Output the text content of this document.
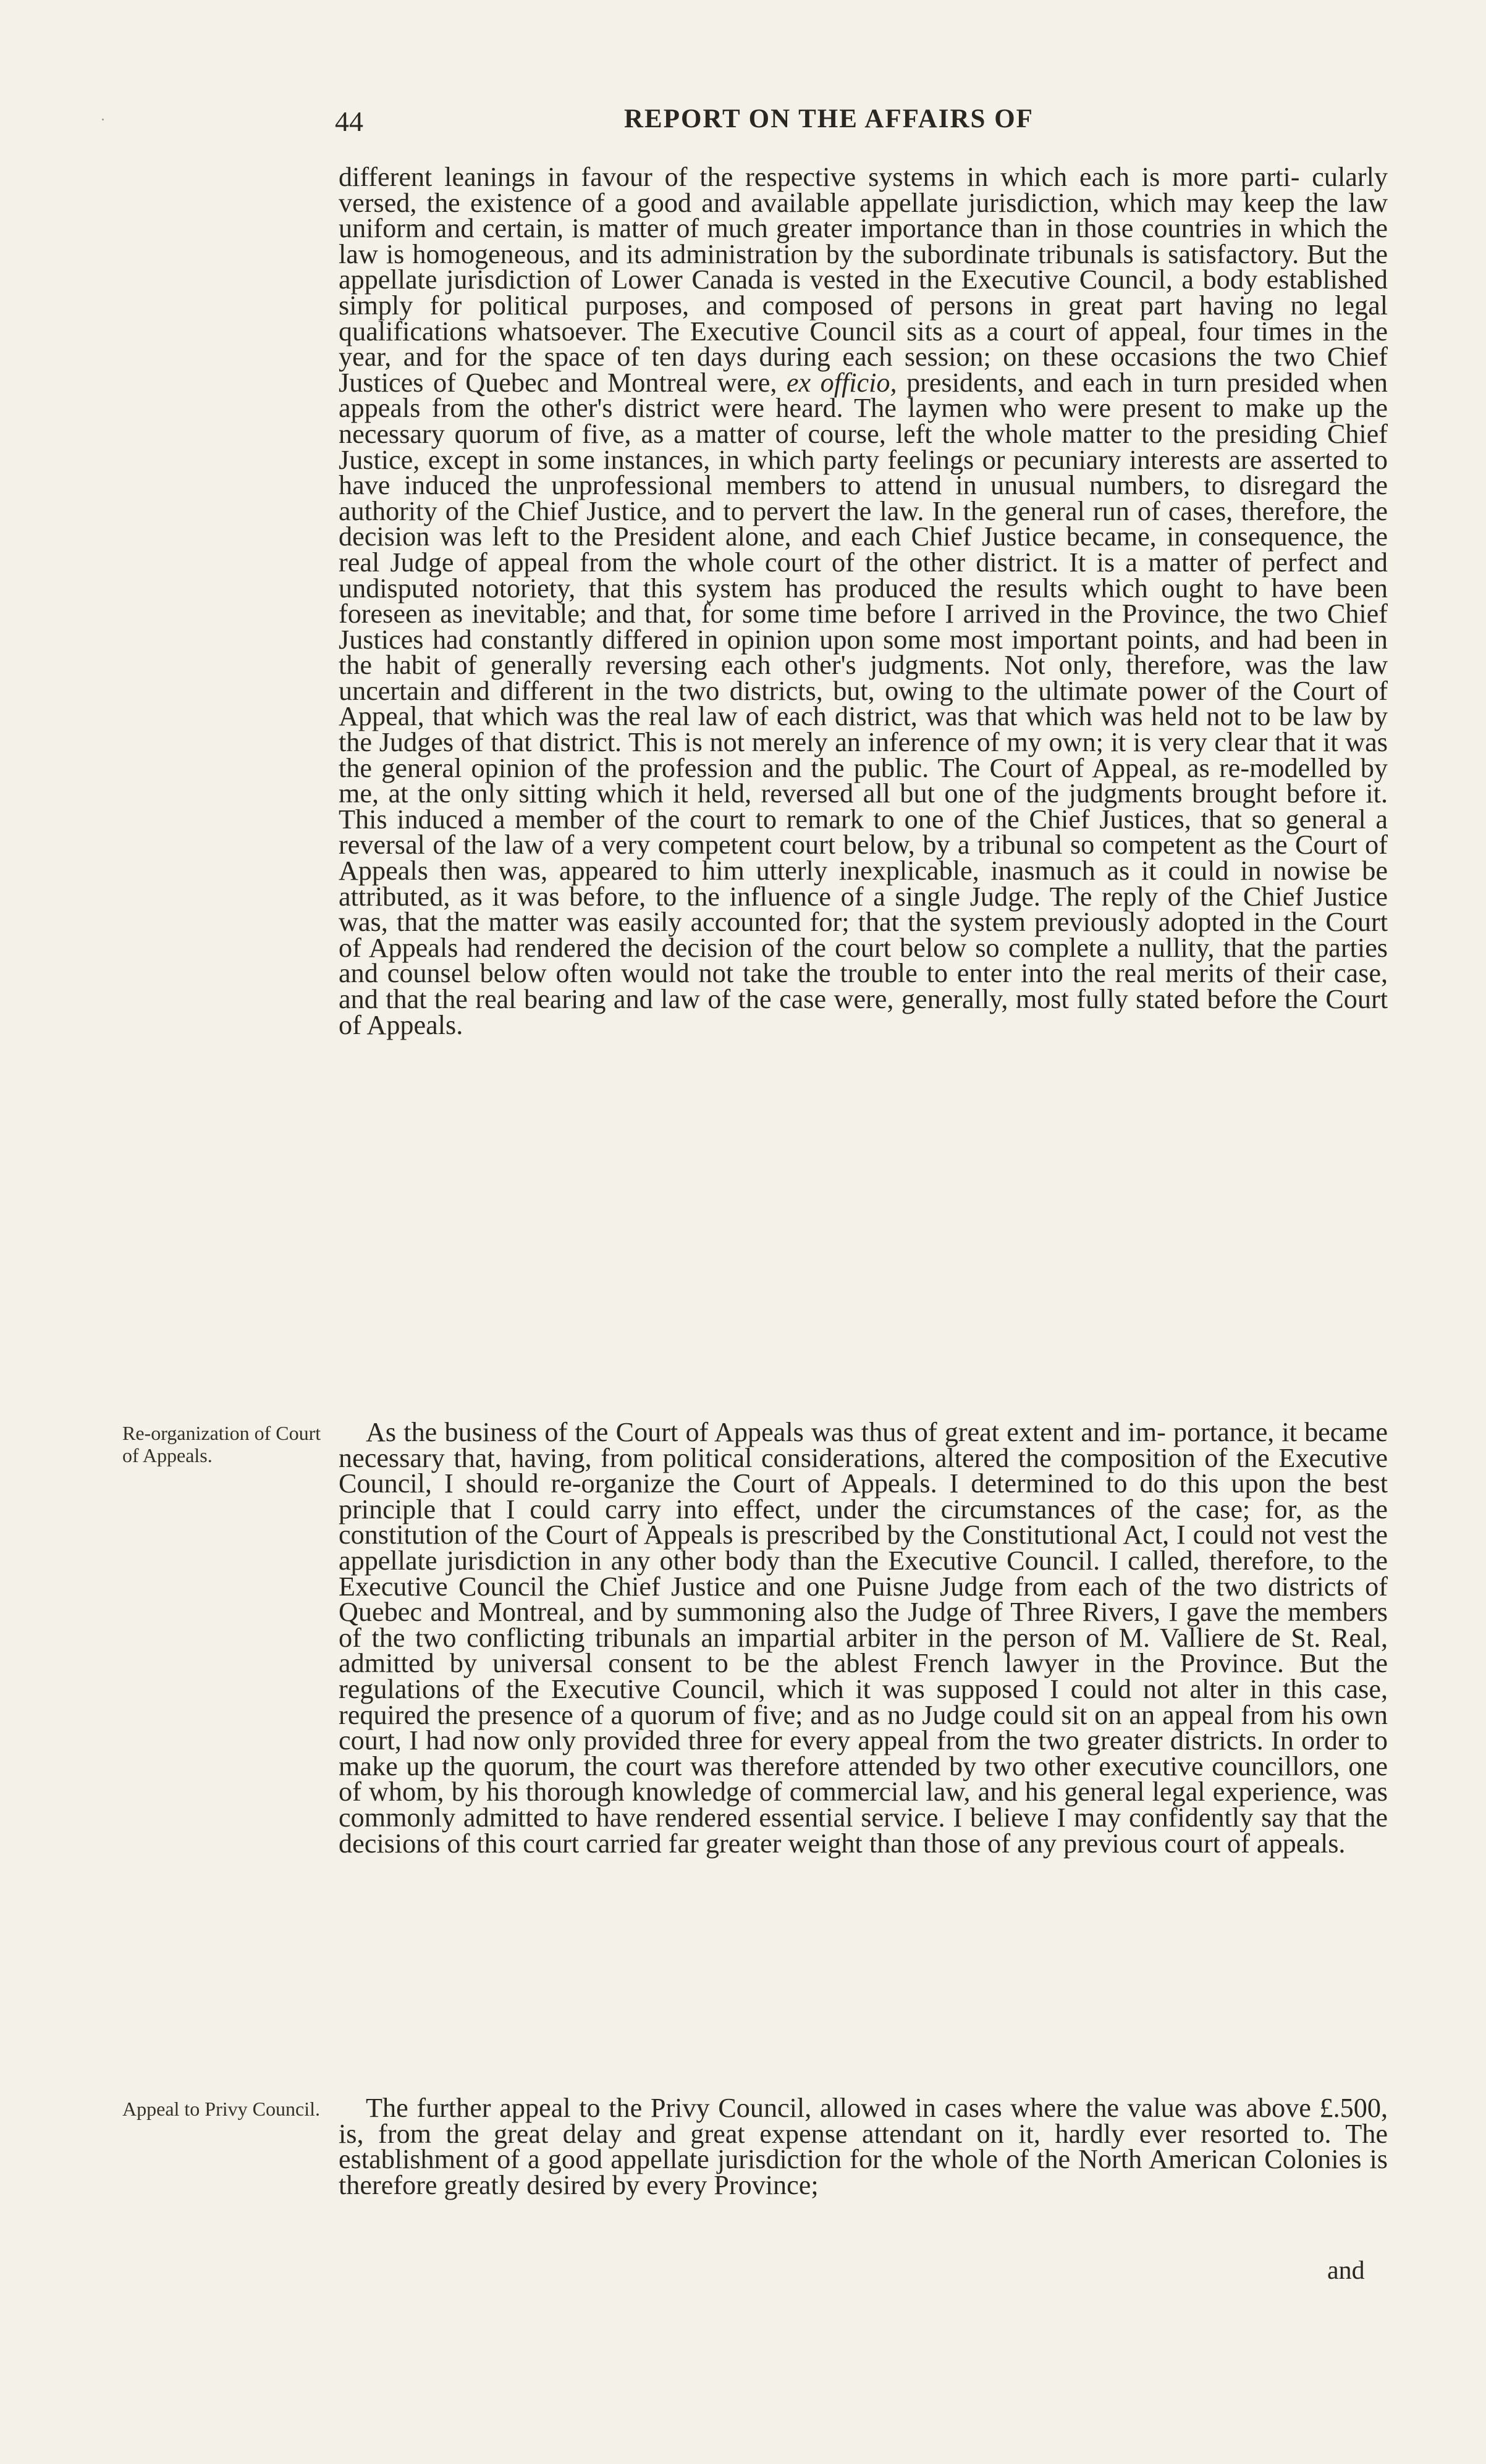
44	REPORT ON THE AFFAIRS OF

different leanings in favour of the respective systems in which each is more parti- cularly versed, the existence of a good and available appellate jurisdiction, which may keep the law uniform and certain, is matter of much greater importance than in those countries in which the law is homogeneous, and its administration by the subordinate tribunals is satisfactory. But the appellate jurisdiction of Lower Canada is vested in the Executive Council, a body established simply for political purposes, and composed of persons in great part having no legal qualifications whatsoever. The Executive Council sits as a court of appeal, four times in the year, and for the space of ten days during each session; on these occasions the two Chief Justices of Quebec and Montreal were, ex officio, presidents, and each in turn presided when appeals from the other's district were heard. The laymen who were present to make up the necessary quorum of five, as a matter of course, left the whole matter to the presiding Chief Justice, except in some instances, in which party feelings or pecuniary interests are asserted to have induced the unprofessional members to attend in unusual numbers, to disregard the authority of the Chief Justice, and to pervert the law. In the general run of cases, therefore, the decision was left to the President alone, and each Chief Justice became, in consequence, the real Judge of appeal from the whole court of the other district. It is a matter of perfect and undisputed notoriety, that this system has produced the results which ought to have been foreseen as inevitable; and that, for some time before I arrived in the Province, the two Chief Justices had constantly differed in opinion upon some most important points, and had been in the habit of generally reversing each other's judgments. Not only, therefore, was the law uncertain and different in the two districts, but, owing to the ultimate power of the Court of Appeal, that which was the real law of each district, was that which was held not to be law by the Judges of that district. This is not merely an inference of my own; it is very clear that it was the general opinion of the profession and the public. The Court of Appeal, as re-modelled by me, at the only sitting which it held, reversed all but one of the judgments brought before it. This induced a member of the court to remark to one of the Chief Justices, that so general a reversal of the law of a very competent court below, by a tribunal so competent as the Court of Appeals then was, appeared to him utterly inexplicable, inasmuch as it could in nowise be attributed, as it was before, to the influence of a single Judge. The reply of the Chief Justice was, that the matter was easily accounted for; that the system previously adopted in the Court of Appeals had rendered the decision of the court below so complete a nullity, that the parties and counsel below often would not take the trouble to enter into the real merits of their case, and that the real bearing and law of the case were, generally, most fully stated before the Court of Appeals.

Re-organization of Court of Appeals.

As the business of the Court of Appeals was thus of great extent and im- portance, it became necessary that, having, from political considerations, altered the composition of the Executive Council, I should re-organize the Court of Appeals. I determined to do this upon the best principle that I could carry into effect, under the circumstances of the case; for, as the constitution of the Court of Appeals is prescribed by the Constitutional Act, I could not vest the appellate jurisdiction in any other body than the Executive Council. I called, therefore, to the Executive Council the Chief Justice and one Puisne Judge from each of the two districts of Quebec and Montreal, and by summoning also the Judge of Three Rivers, I gave the members of the two conflicting tribunals an impartial arbiter in the person of M. Valliere de St. Real, admitted by universal consent to be the ablest French lawyer in the Province. But the regulations of the Executive Council, which it was supposed I could not alter in this case, required the presence of a quorum of five; and as no Judge could sit on an appeal from his own court, I had now only provided three for every appeal from the two greater districts. In order to make up the quorum, the court was therefore attended by two other executive councillors, one of whom, by his thorough knowledge of commercial law, and his general legal experience, was commonly admitted to have rendered essential service. I believe I may confidently say that the decisions of this court carried far greater weight than those of any previous court of appeals.

Appeal to Privy Council.	The further appeal to the Privy Council, allowed in cases where the value was above £.500, is, from the great delay and great expense attendant on it, hardly ever resorted to. The establishment of a good appellate jurisdiction for the whole of the North American Colonies is therefore greatly desired by every Province;

and
